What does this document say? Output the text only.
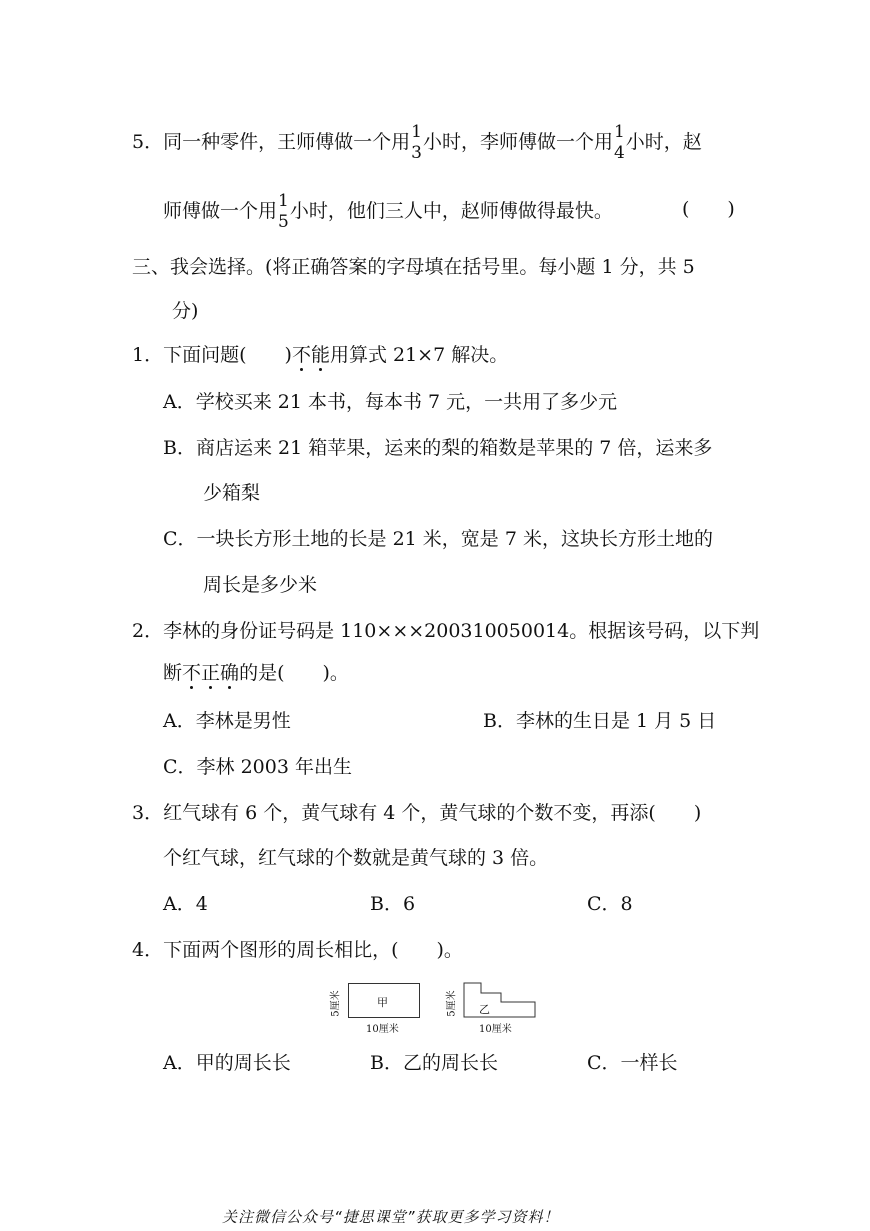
5．同一种零件，王师傅做一个用 1
3 小时，李师傅做一个用 1
4 小时，赵
师傅做一个用 1
5 小时，他们三人中，赵师傅做得最快。	(　　)
三、我会选择。(将正确答案的字母填在括号里。每小题 1 分，共 5
分)
1．下面问题( )不能用算式 21×7 解决。
A．学校买来 21 本书，每本书 7 元，一共用了多少元
B．商店运来 21 箱苹果，运来的梨的箱数是苹果的 7 倍，运来多
少箱梨
C．一块长方形土地的长是 21 米，宽是 7 米，这块长方形土地的
周长是多少米
2．李林的身份证号码是 110×××200310050014。根据该号码，以下判
断不正确的是( )。
A．李林是男性	B．李林的生日是 1 月 5 日
C．李林 2003 年出生
3．红气球有 6 个，黄气球有 4 个，黄气球的个数不变，再添(　　)
个红气球，红气球的个数就是黄气球的 3 倍。
A．4	B．6	C．8
4．下面两个图形的周长相比，(　　)。
甲
5厘米
10厘米
乙
5厘米
10厘米
A．甲的周长长	B．乙的周长长	C．一样长
关注微信公众号“捷思课堂”获取更多学习资料！
